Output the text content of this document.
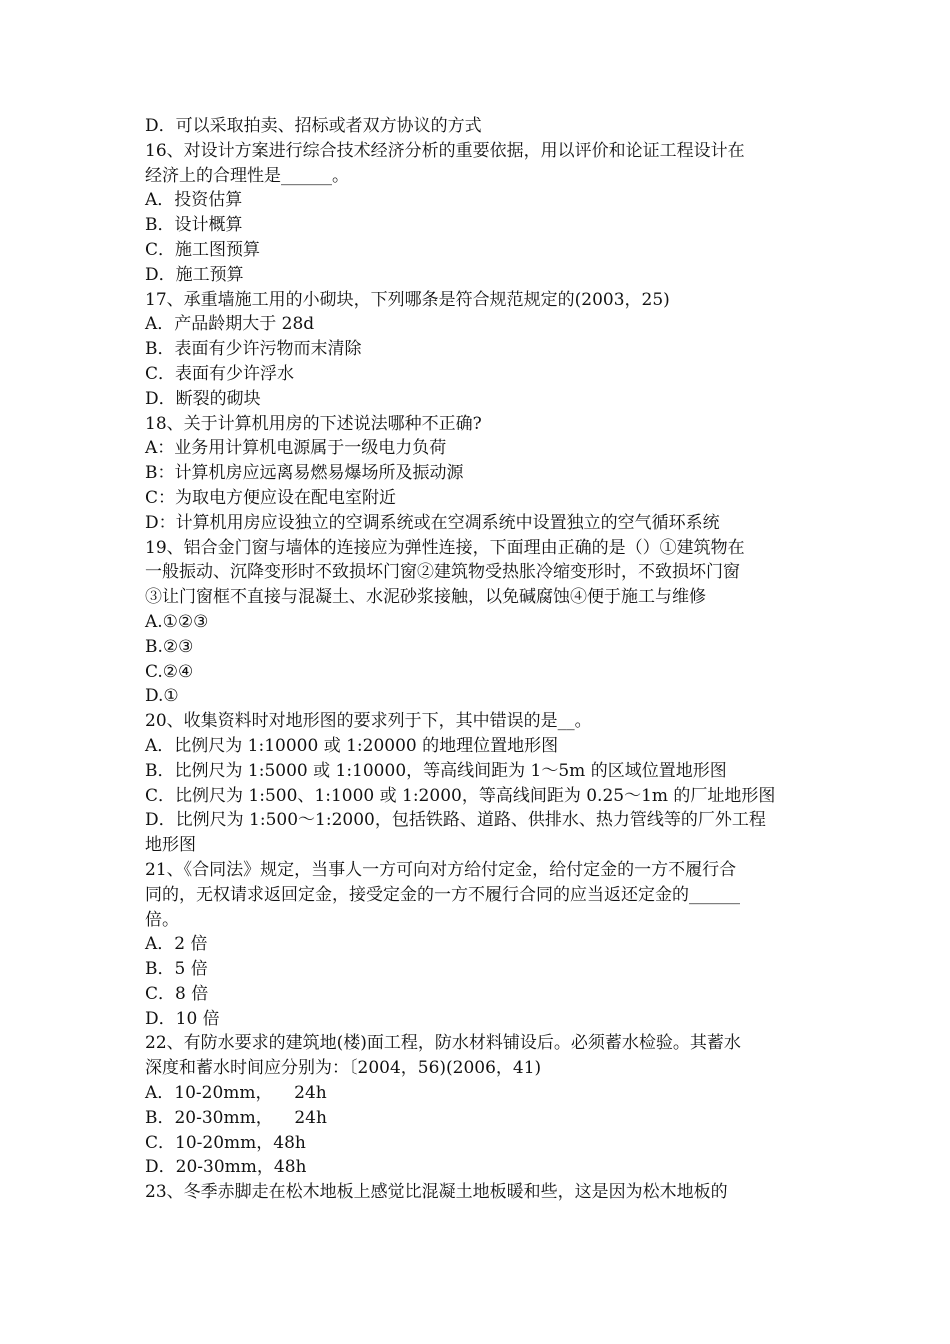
D．可以采取拍卖、招标或者双方协议的方式
16、对设计方案进行综合技术经济分析的重要依据，用以评价和论证工程设计在
经济上的合理性是______。
A．投资估算
B．设计概算
C．施工图预算
D．施工预算
17、承重墙施工用的小砌块，下列哪条是符合规范规定的(2003，25)
A．产品龄期大于 28d
B．表面有少许污物而末清除
C．表面有少许浮水
D．断裂的砌块
18、关于计算机用房的下述说法哪种不正确?
A：业务用计算机电源属于一级电力负荷
B：计算机房应远离易燃易爆场所及振动源
C：为取电方便应设在配电室附近
D：计算机用房应设独立的空调系统或在空凋系统中设置独立的空气循环系统
19、铝合金门窗与墙体的连接应为弹性连接，下面理由正确的是（）①建筑物在
一般振动、沉降变形时不致损坏门窗②建筑物受热胀冷缩变形时，不致损坏门窗
③让门窗框不直接与混凝土、水泥砂浆接触，以免碱腐蚀④便于施工与维修
A.①②③
B.②③
C.②④
D.①
20、收集资料时对地形图的要求列于下，其中错误的是__。
A．比例尺为 1:10000 或 1:20000 的地理位置地形图
B．比例尺为 1:5000 或 1:10000，等高线间距为 1～5m 的区域位置地形图
C．比例尺为 1:500、1:1000 或 1:2000，等高线间距为 0.25～1m 的厂址地形图
D．比例尺为 1:500～1:2000，包括铁路、道路、供排水、热力管线等的厂外工程
地形图
21、《合同法》规定，当事人一方可向对方给付定金，给付定金的一方不履行合
同的，无权请求返回定金，接受定金的一方不履行合同的应当返还定金的______
倍。
A．2 倍
B．5 倍
C．8 倍
D．10 倍
22、有防水要求的建筑地(楼)面工程，防水材料铺设后。必须蓄水检验。其蓄水
深度和蓄水时间应分别为：〔2004，56)(2006，41)
A．10-20mm，    24h
B．20-30mm，    24h
C．10-20mm，48h
D．20-30mm，48h
23、冬季赤脚走在松木地板上感觉比混凝土地板暖和些，这是因为松木地板的
